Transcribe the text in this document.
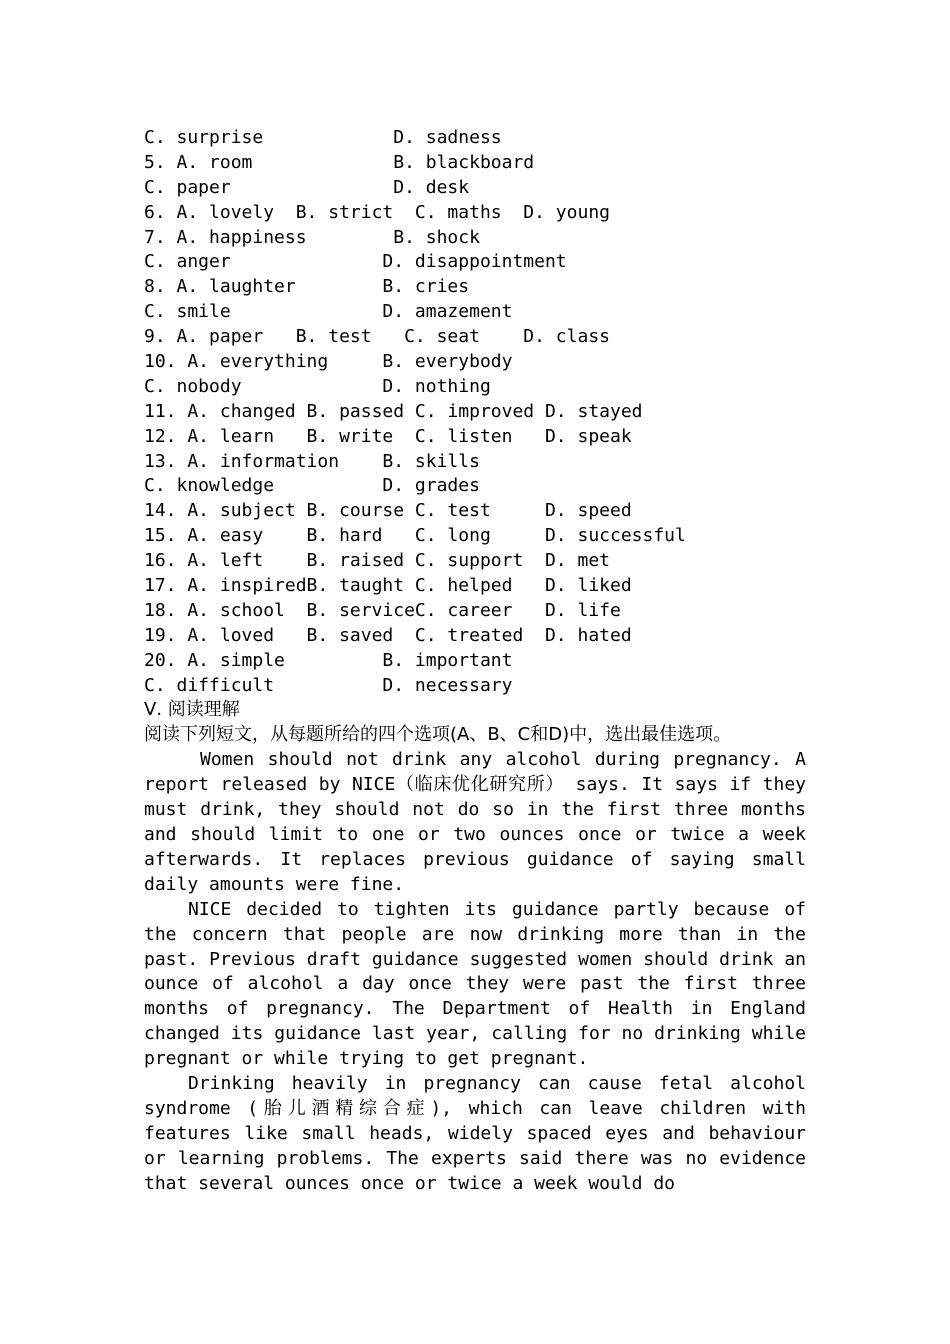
C. surprise            D. sadness
5. A. room             B. blackboard
C. paper               D. desk
6. A. lovely  B. strict  C. maths  D. young
7. A. happiness        B. shock
C. anger              D. disappointment
8. A. laughter        B. cries
C. smile              D. amazement
9. A. paper   B. test   C. seat    D. class
10. A. everything     B. everybody
C. nobody             D. nothing
11. A. changed B. passed C. improved D. stayed
12. A. learn   B. write  C. listen   D. speak
13. A. information    B. skills
C. knowledge          D. grades
14. A. subject B. course C. test     D. speed
15. A. easy    B. hard   C. long     D. successful
16. A. left    B. raised C. support  D. met
17. A. inspiredB. taught C. helped   D. liked
18. A. school  B. serviceC. career   D. life
19. A. loved   B. saved  C. treated  D. hated
20. A. simple         B. important
C. difficult          D. necessary
Ⅴ. 阅读理解

阅读下列短文，从每题所给的四个选项(A、B、C和D)中，选出最佳选项。

Women should not drink any alcohol during pregnancy. A report released by NICE（临床优化研究所） says. It says if they must drink, they should not do so in the first three months and should limit to one or two ounces once or twice a week afterwards. It replaces previous guidance of saying small daily amounts were fine.

NICE decided to tighten its guidance partly because of the concern that people are now drinking more than in the past. Previous draft guidance suggested women should drink an ounce of alcohol a day once they were past the first three months of pregnancy. The Department of Health in England changed its guidance last year, calling for no drinking while pregnant or while trying to get pregnant.

Drinking heavily in pregnancy can cause fetal alcohol syndrome (胎儿酒精综合症), which can leave children with features like small heads, widely spaced eyes and behaviour or learning problems. The experts said there was no evidence that several ounces once or twice a week would do
